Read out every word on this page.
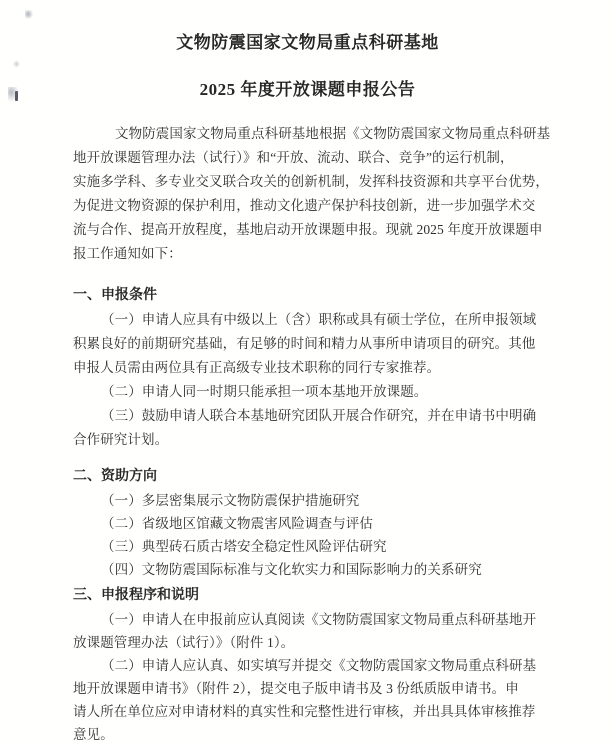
文物防震国家文物局重点科研基地
2025 年度开放课题申报公告
文物防震国家文物局重点科研基地根据《文物防震国家文物局重点科研基
地开放课题管理办法（试行）》和“开放、流动、联合、竞争”的运行机制，
实施多学科、多专业交叉联合攻关的创新机制，发挥科技资源和共享平台优势，
为促进文物资源的保护利用，推动文化遗产保护科技创新，进一步加强学术交
流与合作、提高开放程度，基地启动开放课题申报。现就 2025 年度开放课题申
报工作通知如下：
一、申报条件
（一）申请人应具有中级以上（含）职称或具有硕士学位，在所申报领域
积累良好的前期研究基础，有足够的时间和精力从事所申请项目的研究。其他
申报人员需由两位具有正高级专业技术职称的同行专家推荐。
（二）申请人同一时期只能承担一项本基地开放课题。
（三）鼓励申请人联合本基地研究团队开展合作研究，并在申请书中明确
合作研究计划。
二、资助方向
（一）多层密集展示文物防震保护措施研究
（二）省级地区馆藏文物震害风险调查与评估
（三）典型砖石质古塔安全稳定性风险评估研究
（四）文物防震国际标准与文化软实力和国际影响力的关系研究
三、申报程序和说明
（一）申请人在申报前应认真阅读《文物防震国家文物局重点科研基地开
放课题管理办法（试行）》（附件 1）。
（二）申请人应认真、如实填写并提交《文物防震国家文物局重点科研基
地开放课题申请书》（附件 2），提交电子版申请书及 3 份纸质版申请书。申
请人所在单位应对申请材料的真实性和完整性进行审核，并出具具体审核推荐
意见。
